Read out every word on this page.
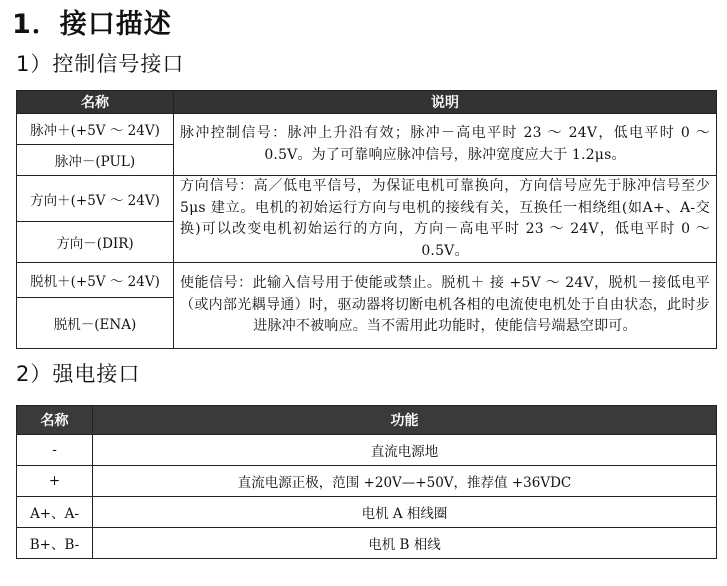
1．接口描述
1）控制信号接口
名称	说明
脉冲＋(+5V ～ 24V)	脉冲控制信号：脉冲上升沿有效；脉冲－高电平时 23 ～ 24V，低电平时 0 ～ 0.5V。为了可靠响应脉冲信号，脉冲宽度应大于 1.2μs。
脉冲－(PUL)	
方向＋(+5V ～ 24V)	方向信号：高／低电平信号，为保证电机可靠换向，方向信号应先于脉冲信号至少 5μs 建立。电机的初始运行方向与电机的接线有关，互换任一相绕组(如A+、A-交换)可以改变电机初始运行的方向，方向－高电平时 23 ～ 24V，低电平时 0 ～ 0.5V。
方向－(DIR)	
脱机＋(+5V ～ 24V)	使能信号：此输入信号用于使能或禁止。脱机＋ 接 +5V ～ 24V，脱机－接低电平（或内部光耦导通）时，驱动器将切断电机各相的电流使电机处于自由状态，此时步进脉冲不被响应。当不需用此功能时，使能信号端悬空即可。
脱机－(ENA)	
2）强电接口
名称	功能
-	直流电源地
+	直流电源正极，范围 +20V—+50V，推荐值 +36VDC
A+、A-	电机 A 相线圈
B+、B-	电机 B 相线
